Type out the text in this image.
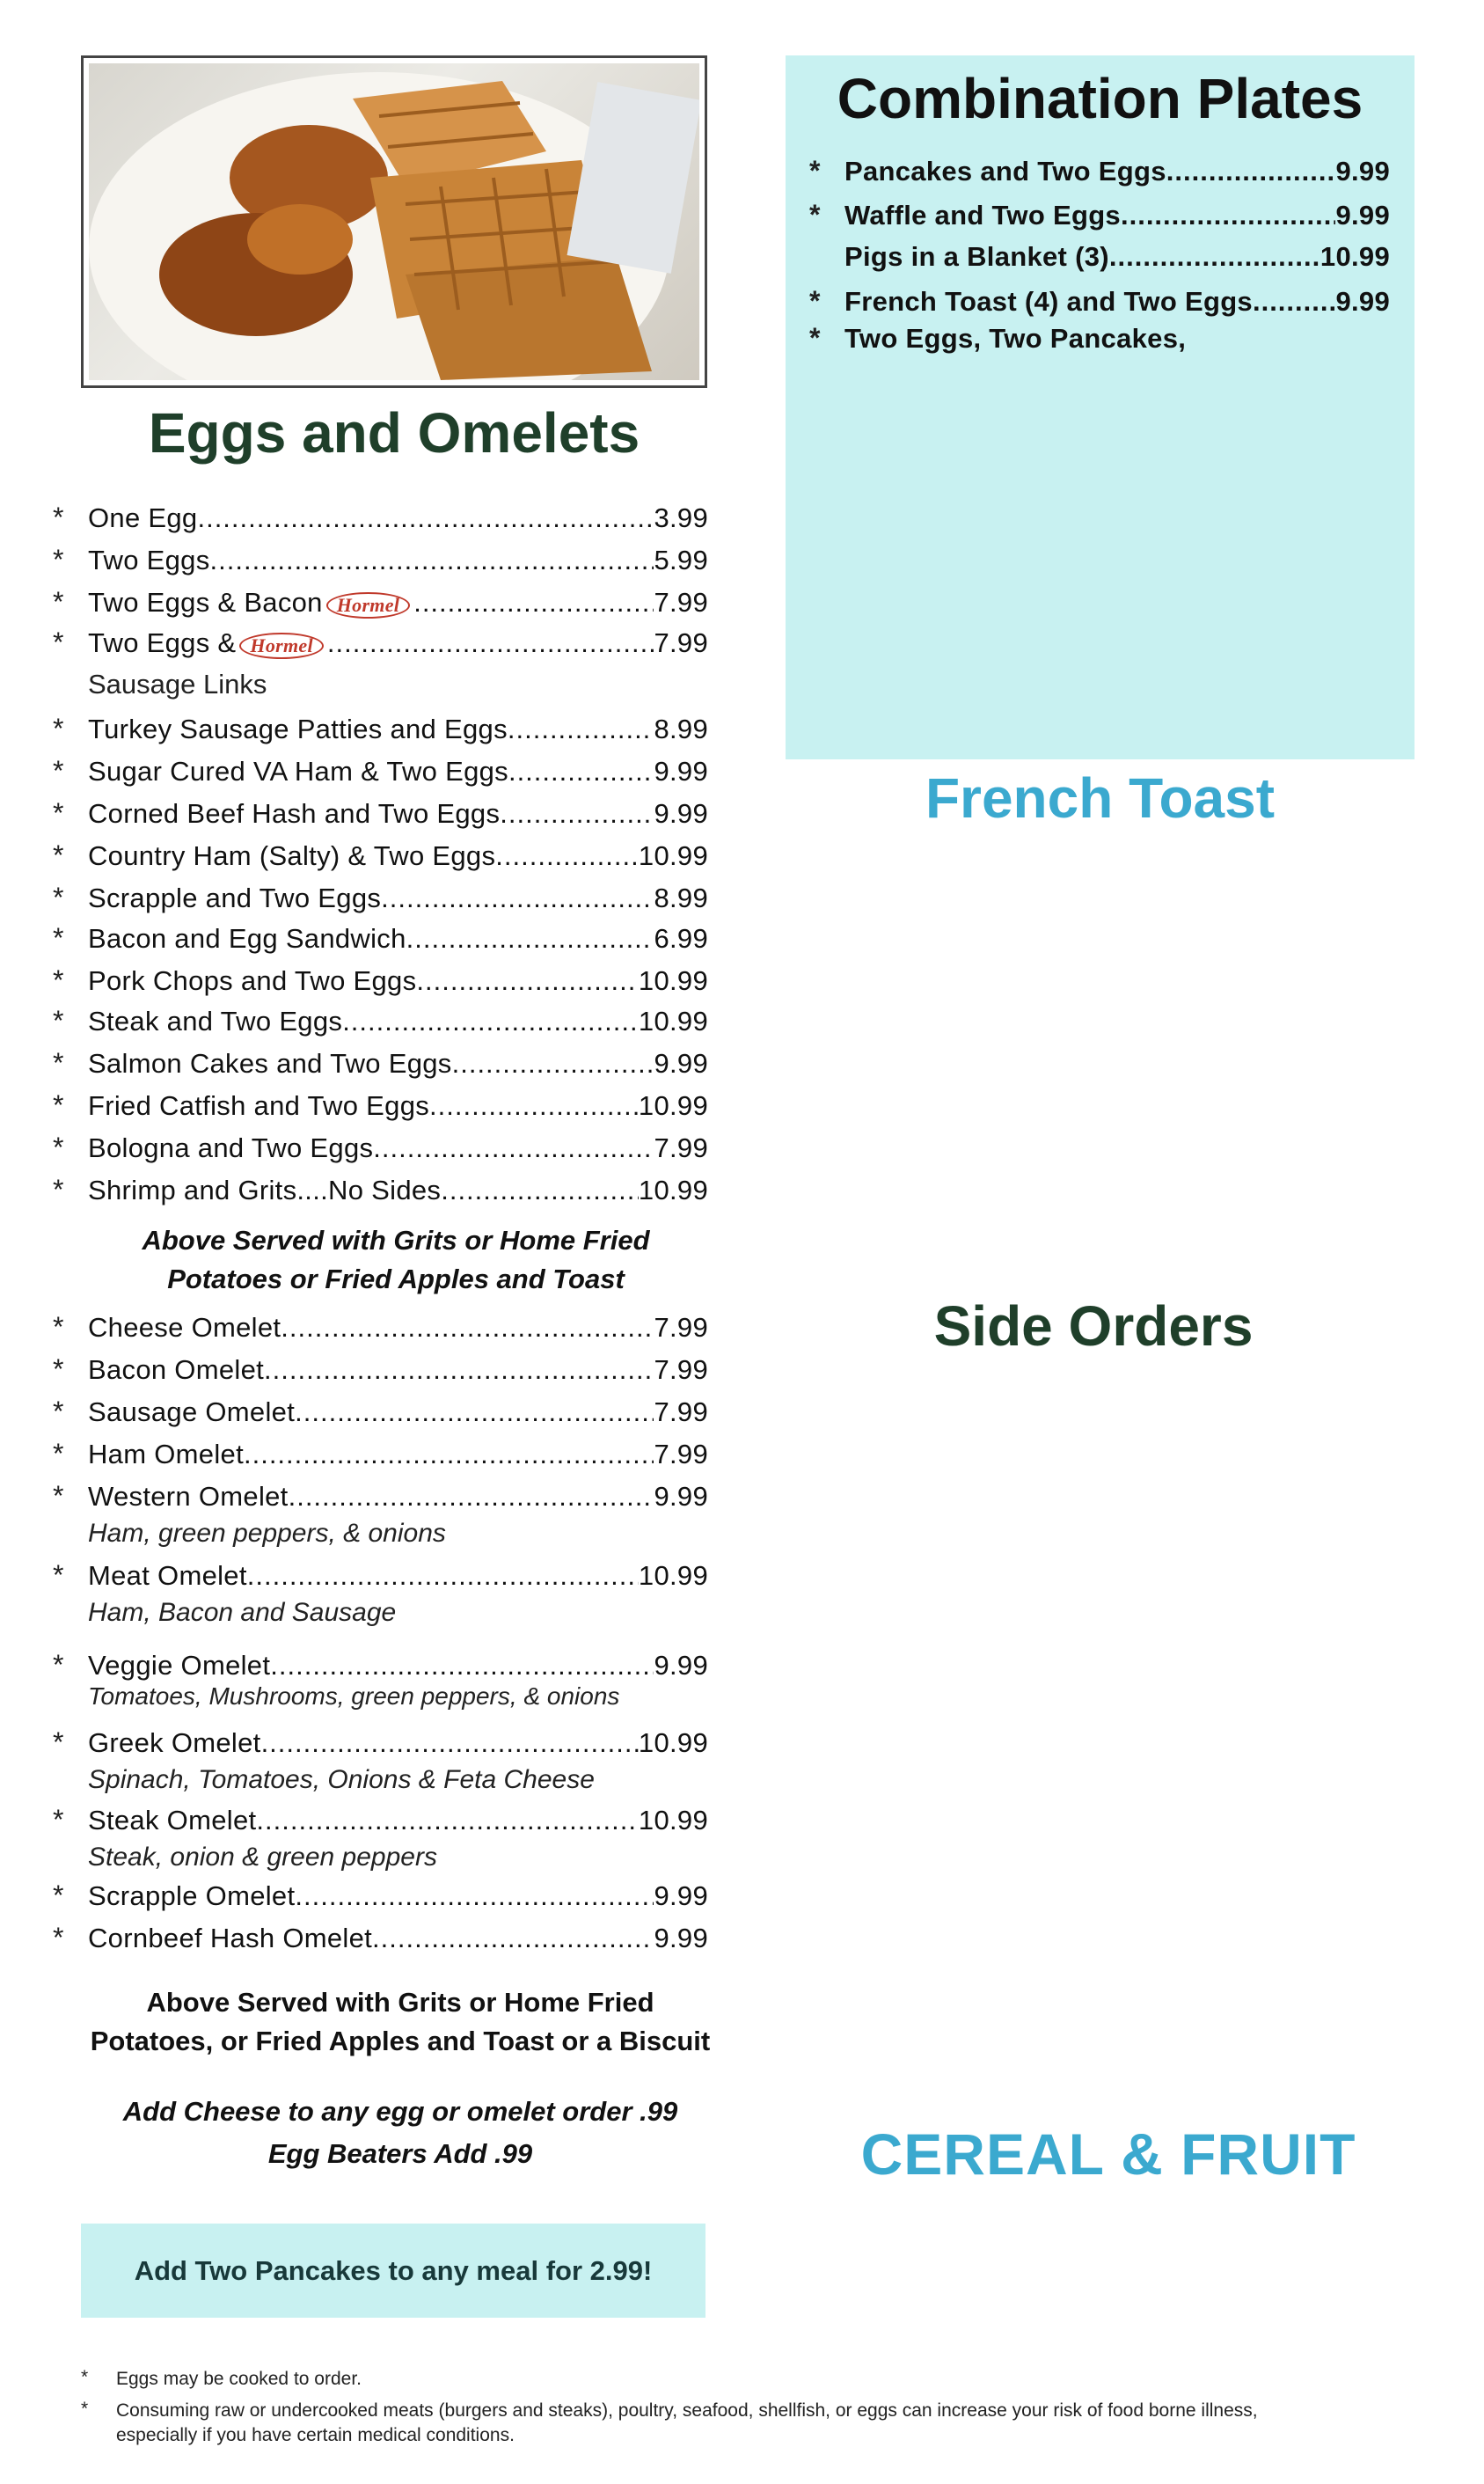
Eggs and Omelets
* One Egg .....	3.99
* Two Eggs .....	5.99
* Two Eggs & Bacon Hormel .....	7.99
* Two Eggs & Hormel .....	7.99
Sausage Links
* Turkey Sausage Patties and Eggs .....	8.99
* Sugar Cured VA Ham & Two Eggs .....	9.99
* Corned Beef Hash and Two Eggs .....	9.99
* Country Ham (Salty) & Two Eggs .....	10.99
* Scrapple and Two Eggs .....	8.99
* Bacon and Egg Sandwich .....	6.99
* Pork Chops and Two Eggs .....	10.99
* Steak and Two Eggs .....	10.99
* Salmon Cakes and Two Eggs .....	9.99
* Fried Catfish and Two Eggs .....	10.99
* Bologna and Two Eggs .....	7.99
* Shrimp and Grits....No Sides .....	10.99
Above Served with Grits or Home Fried
Potatoes or Fried Apples and Toast
* Cheese Omelet .....	7.99
* Bacon Omelet .....	7.99
* Sausage Omelet .....	7.99
* Ham Omelet .....	7.99
* Western Omelet .....	9.99
Ham, green peppers, & onions
* Meat Omelet .....	10.99
Ham, Bacon and Sausage
* Veggie Omelet .....	9.99
Tomatoes, Mushrooms, green peppers, & onions
* Greek Omelet .....	10.99
Spinach, Tomatoes, Onions & Feta Cheese
* Steak Omelet .....	10.99
Steak, onion & green peppers
* Scrapple Omelet .....	9.99
* Cornbeef Hash Omelet .....	9.99
Above Served with Grits or Home Fried
Potatoes, or Fried Apples and Toast or a Biscuit
Add Cheese to any egg or omelet order .99
Egg Beaters Add .99
Combination Plates
* Pancakes and Two Eggs .....	9.99
* Waffle and Two Eggs .....	9.99
Pigs in a Blanket (3) .....	10.99
* French Toast (4) and Two Eggs .....	9.99
* Two Eggs, Two Pancakes,
French Toast
Side Orders
CEREAL & FRUIT
Add Two Pancakes to any meal for 2.99!
* Eggs may be cooked to order.
* Consuming raw or undercooked meats (burgers and steaks), poultry, seafood, shellfish, or eggs can increase your risk of food borne illness,
especially if you have certain medical conditions.
